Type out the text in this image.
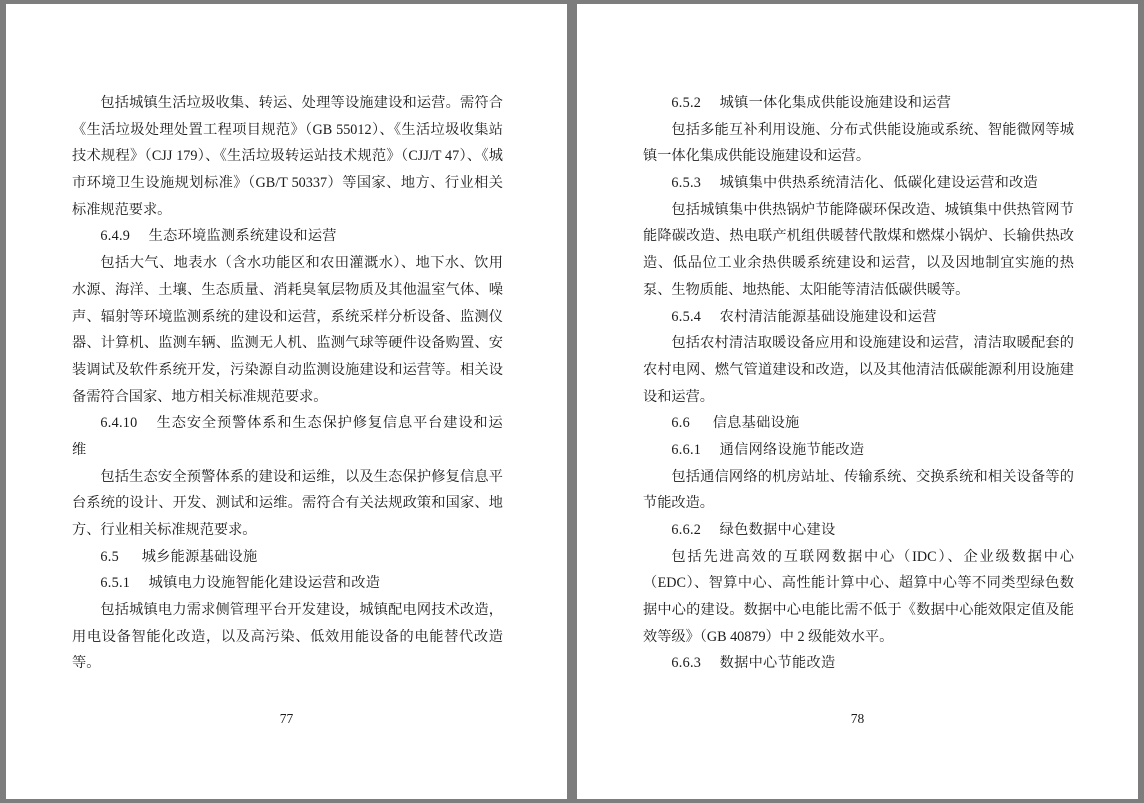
包括城镇生活垃圾收集、转运、处理等设施建设和运营。需符合《生活垃圾处理处置工程项目规范》（GB 55012）、《生活垃圾收集站技术规程》（CJJ 179）、《生活垃圾转运站技术规范》（CJJ/T 47）、《城市环境卫生设施规划标准》（GB/T 50337）等国家、地方、行业相关标准规范要求。

6.4.9 生态环境监测系统建设和运营

包括大气、地表水（含水功能区和农田灌溉水）、地下水、饮用水源、海洋、土壤、生态质量、消耗臭氧层物质及其他温室气体、噪声、辐射等环境监测系统的建设和运营，系统采样分析设备、监测仪器、计算机、监测车辆、监测无人机、监测气球等硬件设备购置、安装调试及软件系统开发，污染源自动监测设施建设和运营等。相关设备需符合国家、地方相关标准规范要求。

6.4.10 生态安全预警体系和生态保护修复信息平台建设和运维

包括生态安全预警体系的建设和运维，以及生态保护修复信息平台系统的设计、开发、测试和运维。需符合有关法规政策和国家、地方、行业相关标准规范要求。

6.5 城乡能源基础设施

6.5.1 城镇电力设施智能化建设运营和改造

包括城镇电力需求侧管理平台开发建设，城镇配电网技术改造，用电设备智能化改造，以及高污染、低效用能设备的电能替代改造等。

77

6.5.2 城镇一体化集成供能设施建设和运营

包括多能互补利用设施、分布式供能设施或系统、智能微网等城镇一体化集成供能设施建设和运营。

6.5.3 城镇集中供热系统清洁化、低碳化建设运营和改造

包括城镇集中供热锅炉节能降碳环保改造、城镇集中供热管网节能降碳改造、热电联产机组供暖替代散煤和燃煤小锅炉、长输供热改造、低品位工业余热供暖系统建设和运营，以及因地制宜实施的热泵、生物质能、地热能、太阳能等清洁低碳供暖等。

6.5.4 农村清洁能源基础设施建设和运营

包括农村清洁取暖设备应用和设施建设和运营，清洁取暖配套的农村电网、燃气管道建设和改造，以及其他清洁低碳能源利用设施建设和运营。

6.6 信息基础设施

6.6.1 通信网络设施节能改造

包括通信网络的机房站址、传输系统、交换系统和相关设备等的节能改造。

6.6.2 绿色数据中心建设

包括先进高效的互联网数据中心（IDC）、企业级数据中心（EDC）、智算中心、高性能计算中心、超算中心等不同类型绿色数据中心的建设。数据中心电能比需不低于《数据中心能效限定值及能效等级》（GB 40879）中 2 级能效水平。

6.6.3 数据中心节能改造

78
